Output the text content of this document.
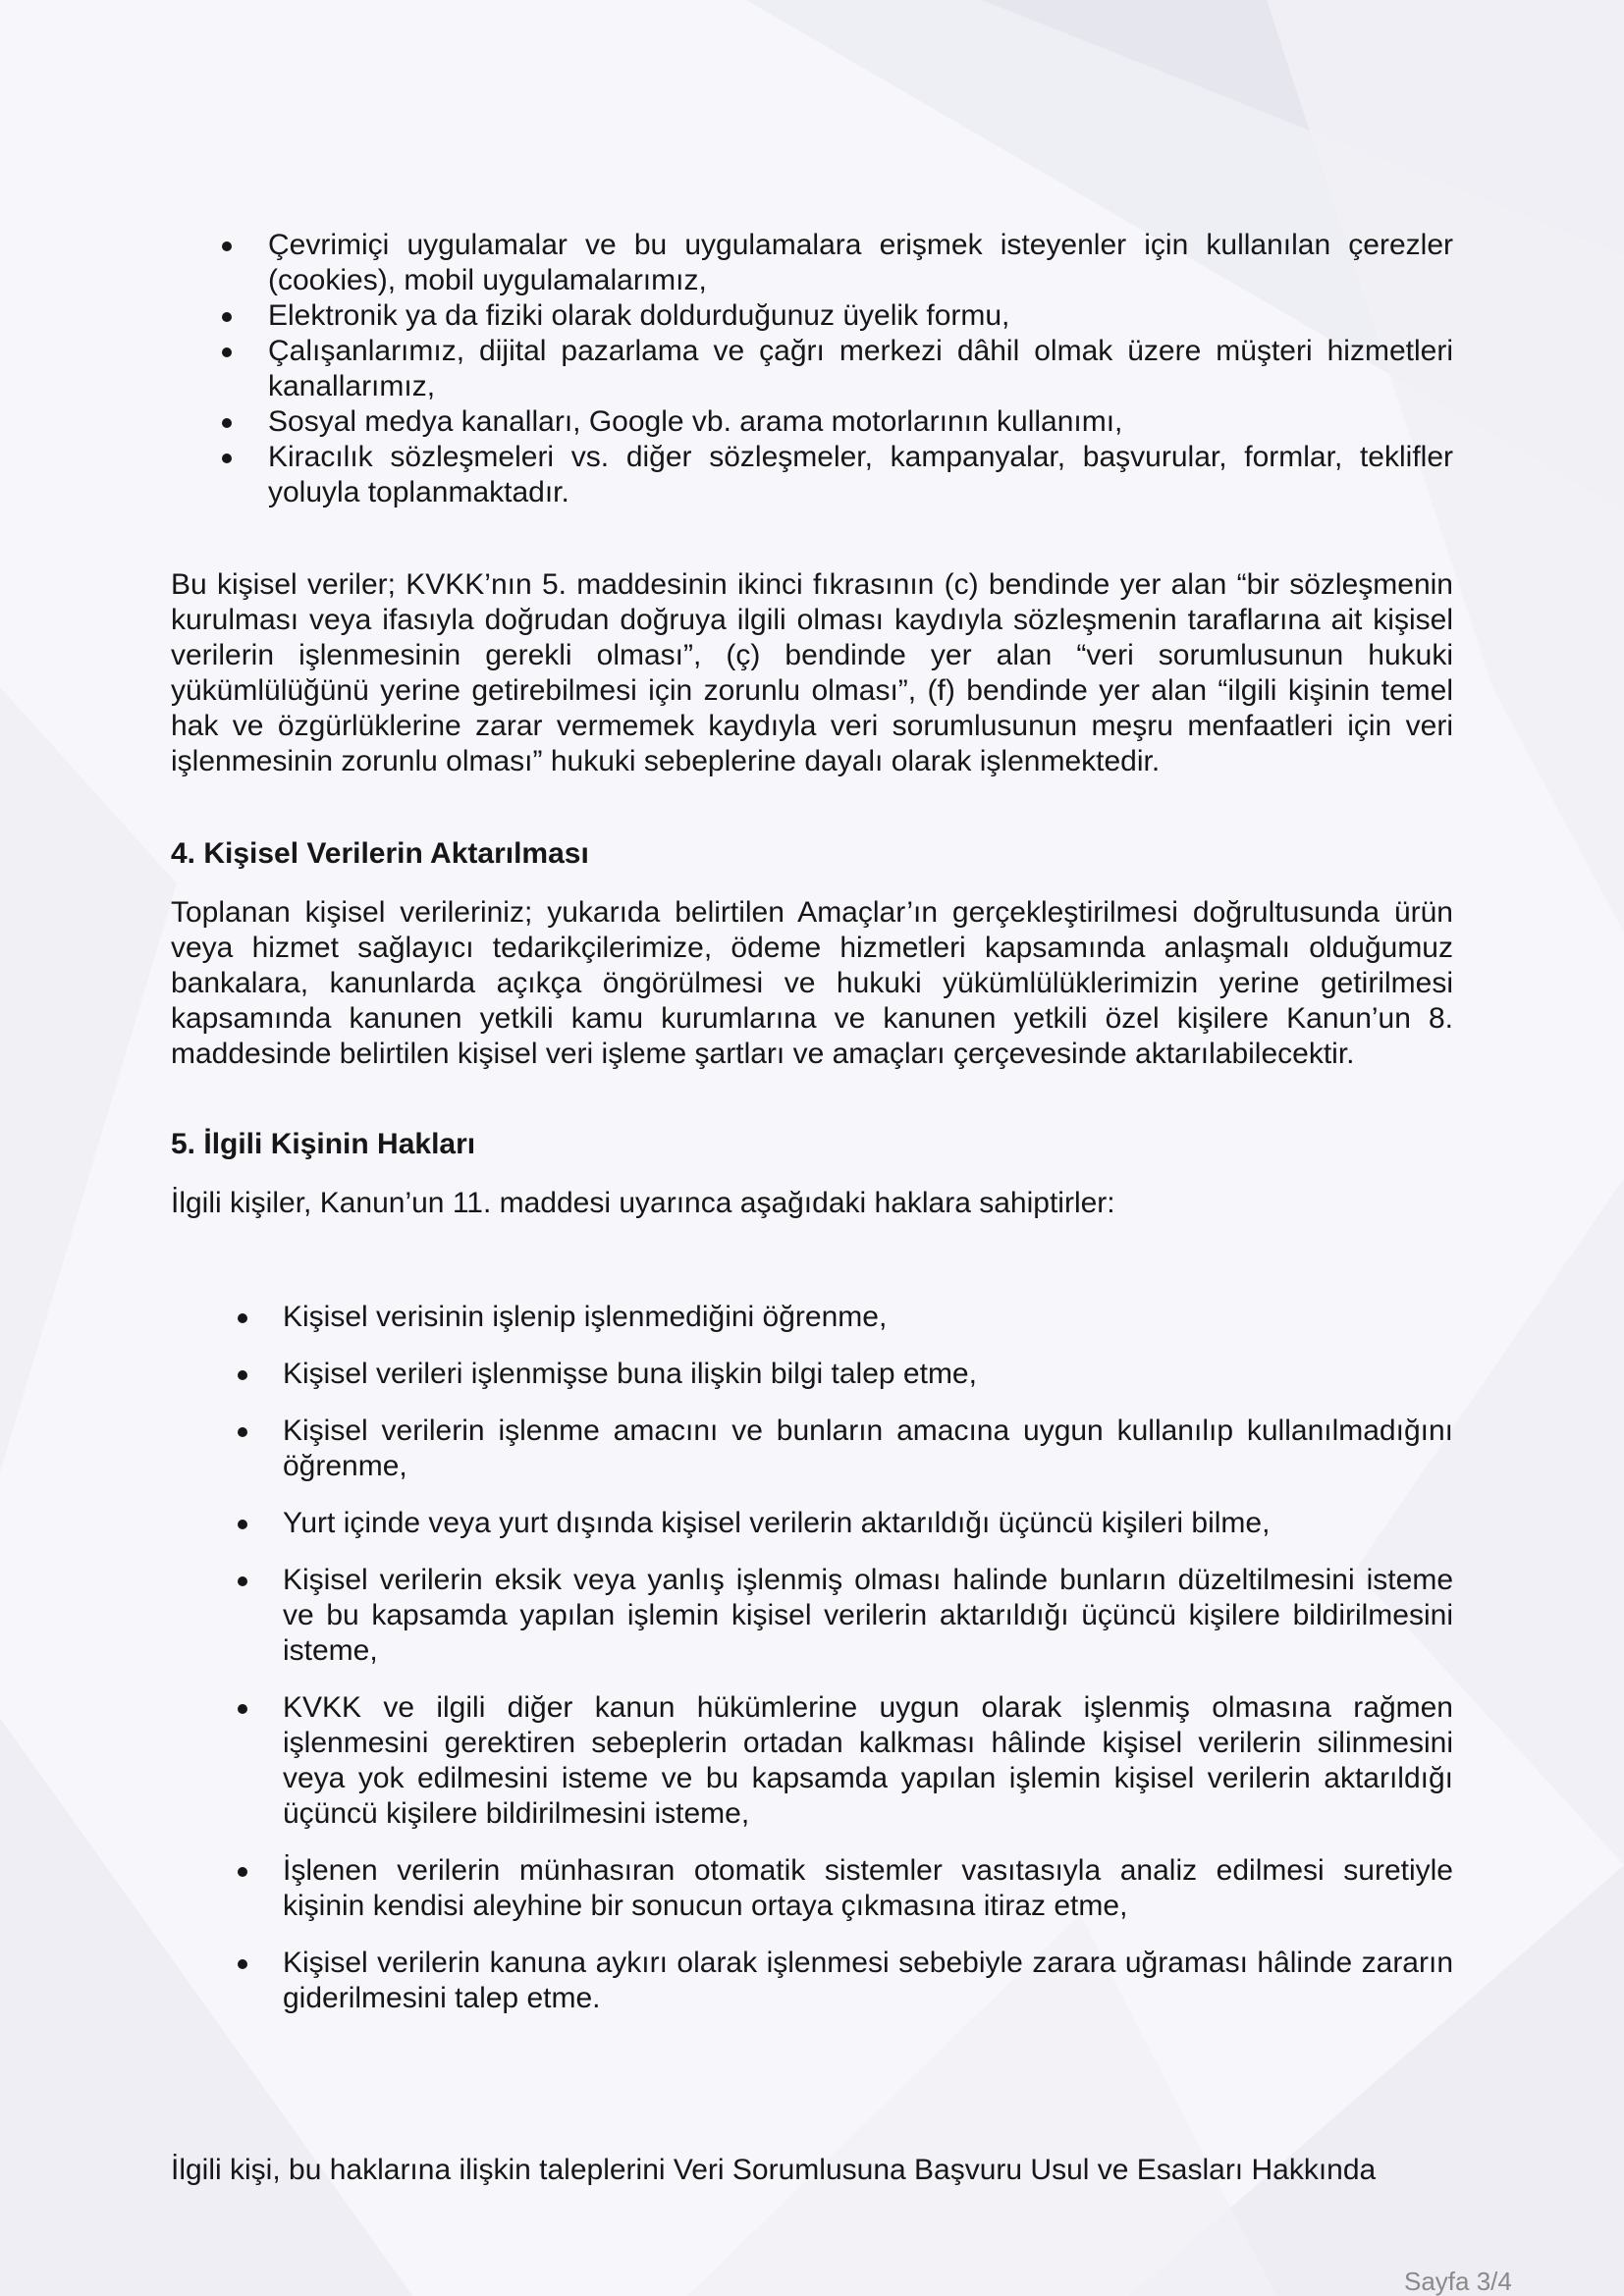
Çevrimiçi uygulamalar ve bu uygulamalara erişmek isteyenler için kullanılan çerezler (cookies), mobil uygulamalarımız,
Elektronik ya da fiziki olarak doldurduğunuz üyelik formu,
Çalışanlarımız, dijital pazarlama ve çağrı merkezi dâhil olmak üzere müşteri hizmetleri kanallarımız,
Sosyal medya kanalları, Google vb. arama motorlarının kullanımı,
Kiracılık sözleşmeleri vs. diğer sözleşmeler, kampanyalar, başvurular, formlar, teklifler yoluyla toplanmaktadır.

Bu kişisel veriler; KVKK’nın 5. maddesinin ikinci fıkrasının (c) bendinde yer alan “bir sözleşmenin kurulması veya ifasıyla doğrudan doğruya ilgili olması kaydıyla sözleşmenin taraflarına ait kişisel verilerin işlenmesinin gerekli olması”, (ç) bendinde yer alan “veri sorumlusunun hukuki yükümlülüğünü yerine getirebilmesi için zorunlu olması”, (f) bendinde yer alan “ilgili kişinin temel hak ve özgürlüklerine zarar vermemek kaydıyla veri sorumlusunun meşru menfaatleri için veri işlenmesinin zorunlu olması” hukuki sebeplerine dayalı olarak işlenmektedir.

4. Kişisel Verilerin Aktarılması

Toplanan kişisel verileriniz; yukarıda belirtilen Amaçlar’ın gerçekleştirilmesi doğrultusunda ürün veya hizmet sağlayıcı tedarikçilerimize, ödeme hizmetleri kapsamında anlaşmalı olduğumuz bankalara, kanunlarda açıkça öngörülmesi ve hukuki yükümlülüklerimizin yerine getirilmesi kapsamında kanunen yetkili kamu kurumlarına ve kanunen yetkili özel kişilere Kanun’un 8. maddesinde belirtilen kişisel veri işleme şartları ve amaçları çerçevesinde aktarılabilecektir.

5. İlgili Kişinin Hakları

İlgili kişiler, Kanun’un 11. maddesi uyarınca aşağıdaki haklara sahiptirler:

Kişisel verisinin işlenip işlenmediğini öğrenme,
Kişisel verileri işlenmişse buna ilişkin bilgi talep etme,
Kişisel verilerin işlenme amacını ve bunların amacına uygun kullanılıp kullanılmadığını öğrenme,
Yurt içinde veya yurt dışında kişisel verilerin aktarıldığı üçüncü kişileri bilme,
Kişisel verilerin eksik veya yanlış işlenmiş olması halinde bunların düzeltilmesini isteme ve bu kapsamda yapılan işlemin kişisel verilerin aktarıldığı üçüncü kişilere bildirilmesini isteme,
KVKK ve ilgili diğer kanun hükümlerine uygun olarak işlenmiş olmasına rağmen işlenmesini gerektiren sebeplerin ortadan kalkması hâlinde kişisel verilerin silinmesini veya yok edilmesini isteme ve bu kapsamda yapılan işlemin kişisel verilerin aktarıldığı üçüncü kişilere bildirilmesini isteme,
İşlenen verilerin münhasıran otomatik sistemler vasıtasıyla analiz edilmesi suretiyle kişinin kendisi aleyhine bir sonucun ortaya çıkmasına itiraz etme,
Kişisel verilerin kanuna aykırı olarak işlenmesi sebebiyle zarara uğraması hâlinde zararın giderilmesini talep etme.

İlgili kişi, bu haklarına ilişkin taleplerini Veri Sorumlusuna Başvuru Usul ve Esasları Hakkında

Sayfa 3/4
